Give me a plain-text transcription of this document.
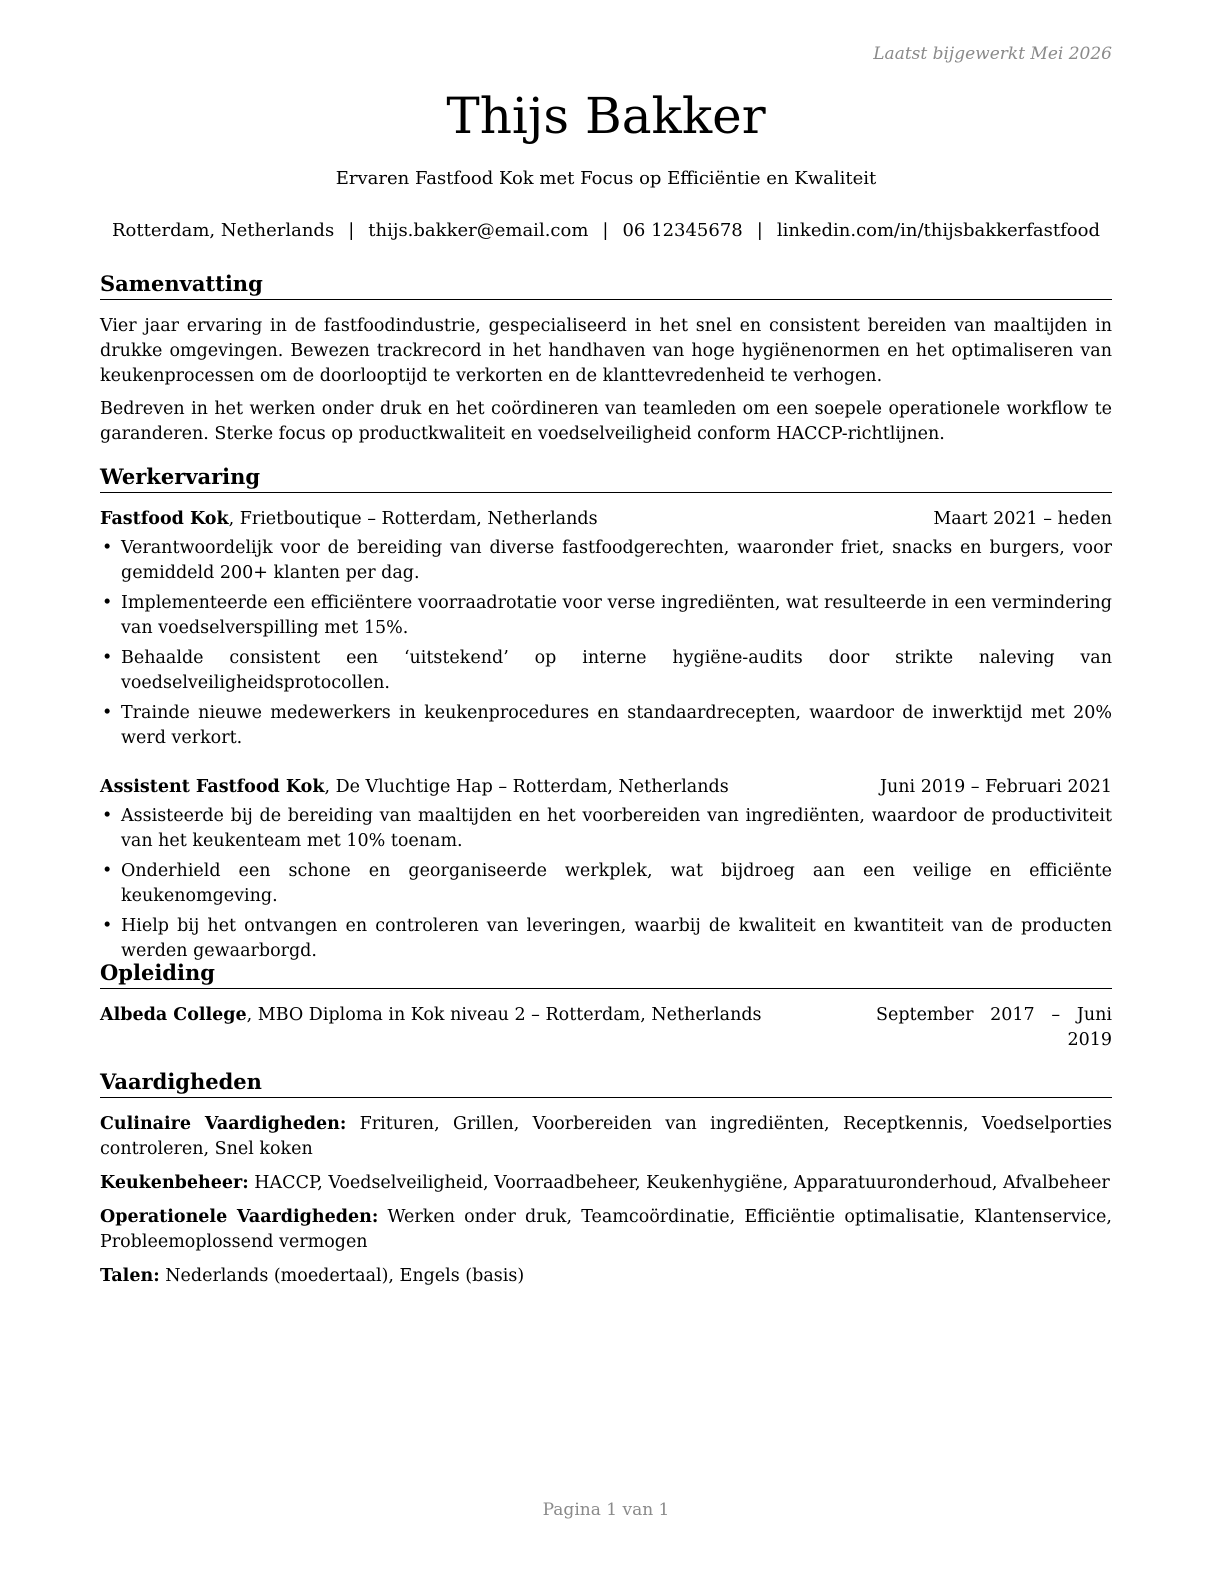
Laatst bijgewerkt Mei 2026
Thijs Bakker
Ervaren Fastfood Kok met Focus op Efficiëntie en Kwaliteit
Rotterdam, Netherlands | thijs.bakker@email.com | 06 12345678 | linkedin.com/in/thijsbakkerfastfood
Samenvatting

Vier jaar ervaring in de fastfoodindustrie, gespecialiseerd in het snel en consistent bereiden van maaltijden in drukke omgevingen. Bewezen trackrecord in het handhaven van hoge hygiënenormen en het optimaliseren van keukenprocessen om de doorlooptijd te verkorten en de klanttevredenheid te verhogen.

Bedreven in het werken onder druk en het coördineren van teamleden om een soepele operationele workflow te garanderen. Sterke focus op productkwaliteit en voedselveiligheid conform HACCP-richtlijnen.

Werkervaring
Fastfood Kok, Frietboutique – Rotterdam, Netherlands	Maart 2021 – heden
• Verantwoordelijk voor de bereiding van diverse fastfoodgerechten, waaronder friet, snacks en burgers, voor gemiddeld 200+ klanten per dag.
• Implementeerde een efficiëntere voorraadrotatie voor verse ingrediënten, wat resulteerde in een vermindering van voedselverspilling met 15%.
• Behaalde consistent een ‘uitstekend’ op interne hygiëne-audits door strikte naleving van voedselveiligheidsprotocollen.
• Trainde nieuwe medewerkers in keukenprocedures en standaardrecepten, waardoor de inwerktijd met 20% werd verkort.
Assistent Fastfood Kok, De Vluchtige Hap – Rotterdam, Netherlands	Juni 2019 – Februari 2021
• Assisteerde bij de bereiding van maaltijden en het voorbereiden van ingrediënten, waardoor de productiviteit van het keukenteam met 10% toenam.
• Onderhield een schone en georganiseerde werkplek, wat bijdroeg aan een veilige en efficiënte keukenomgeving.
• Hielp bij het ontvangen en controleren van leveringen, waarbij de kwaliteit en kwantiteit van de producten werden gewaarborgd.
Opleiding
Albeda College, MBO Diploma in Kok niveau 2 – Rotterdam, Netherlands	September 2017 – Juni 2019
Vaardigheden
Culinaire Vaardigheden: Frituren, Grillen, Voorbereiden van ingrediënten, Receptkennis, Voedselporties controleren, Snel koken
Keukenbeheer: HACCP, Voedselveiligheid, Voorraadbeheer, Keukenhygiëne, Apparatuuronderhoud, Afvalbeheer
Operationele Vaardigheden: Werken onder druk, Teamcoördinatie, Efficiëntie optimalisatie, Klantenservice, Probleemoplossend vermogen
Talen: Nederlands (moedertaal), Engels (basis)
Pagina 1 van 1
